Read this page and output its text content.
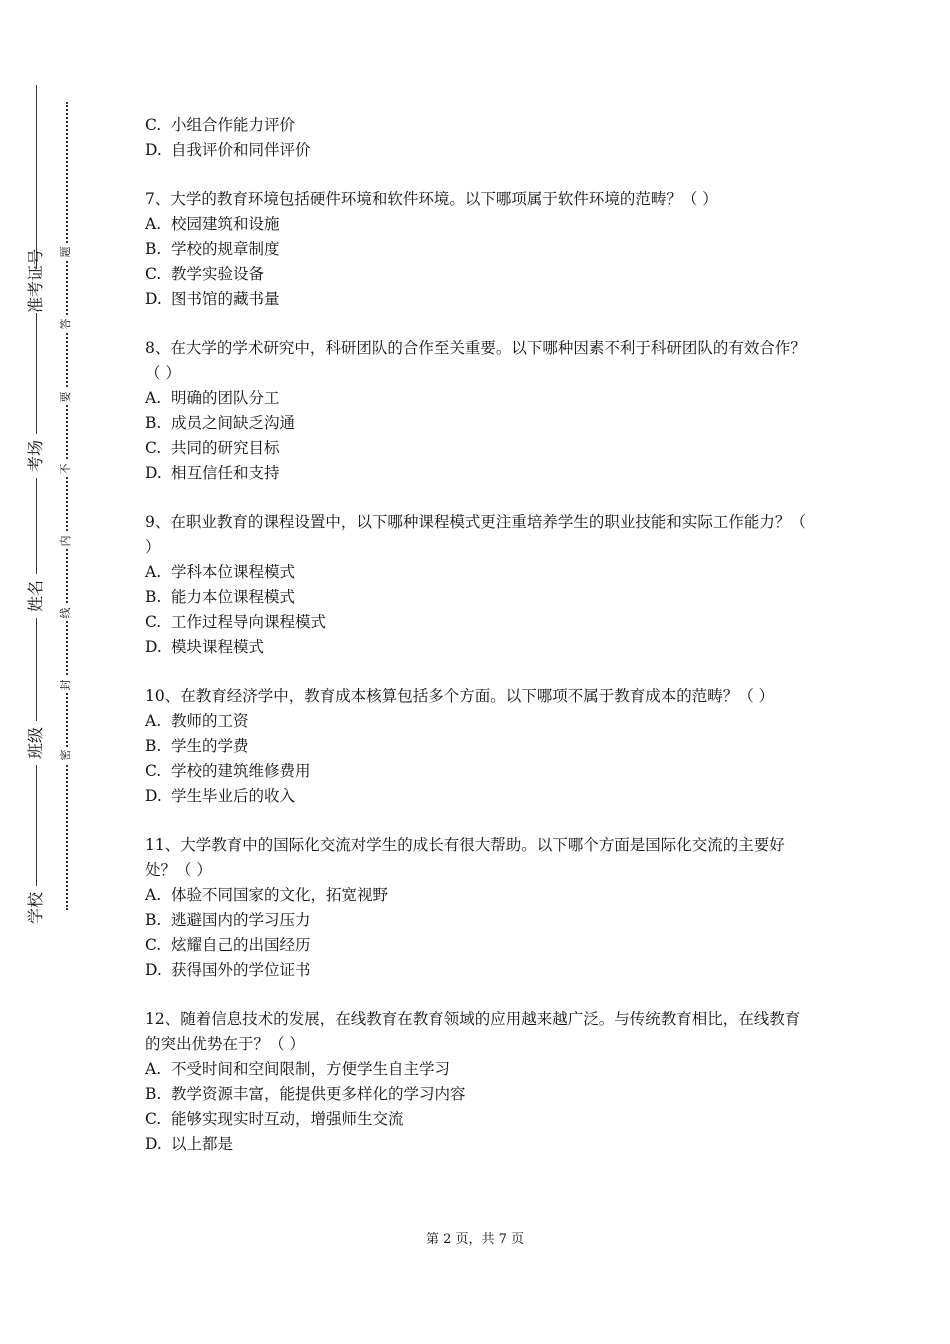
准考证号
考场
姓名
班级
学校
题
答
要
不
内
线
封
密

C. 小组合作能力评价

D. 自我评价和同伴评价

7、大学的教育环境包括硬件环境和软件环境。以下哪项属于软件环境的范畴？（ ）

A. 校园建筑和设施

B. 学校的规章制度

C. 教学实验设备

D. 图书馆的藏书量

8、在大学的学术研究中，科研团队的合作至关重要。以下哪种因素不利于科研团队的有效合作？（ ）

A. 明确的团队分工

B. 成员之间缺乏沟通

C. 共同的研究目标

D. 相互信任和支持

9、在职业教育的课程设置中，以下哪种课程模式更注重培养学生的职业技能和实际工作能力？（ ）

A. 学科本位课程模式

B. 能力本位课程模式

C. 工作过程导向课程模式

D. 模块课程模式

10、在教育经济学中，教育成本核算包括多个方面。以下哪项不属于教育成本的范畴？（ ）

A. 教师的工资

B. 学生的学费

C. 学校的建筑维修费用

D. 学生毕业后的收入

11、大学教育中的国际化交流对学生的成长有很大帮助。以下哪个方面是国际化交流的主要好处？（ ）

A. 体验不同国家的文化，拓宽视野

B. 逃避国内的学习压力

C. 炫耀自己的出国经历

D. 获得国外的学位证书

12、随着信息技术的发展，在线教育在教育领域的应用越来越广泛。与传统教育相比，在线教育的突出优势在于？（ ）

A. 不受时间和空间限制，方便学生自主学习

B. 教学资源丰富，能提供更多样化的学习内容

C. 能够实现实时互动，增强师生交流

D. 以上都是

第 2 页，共 7 页
